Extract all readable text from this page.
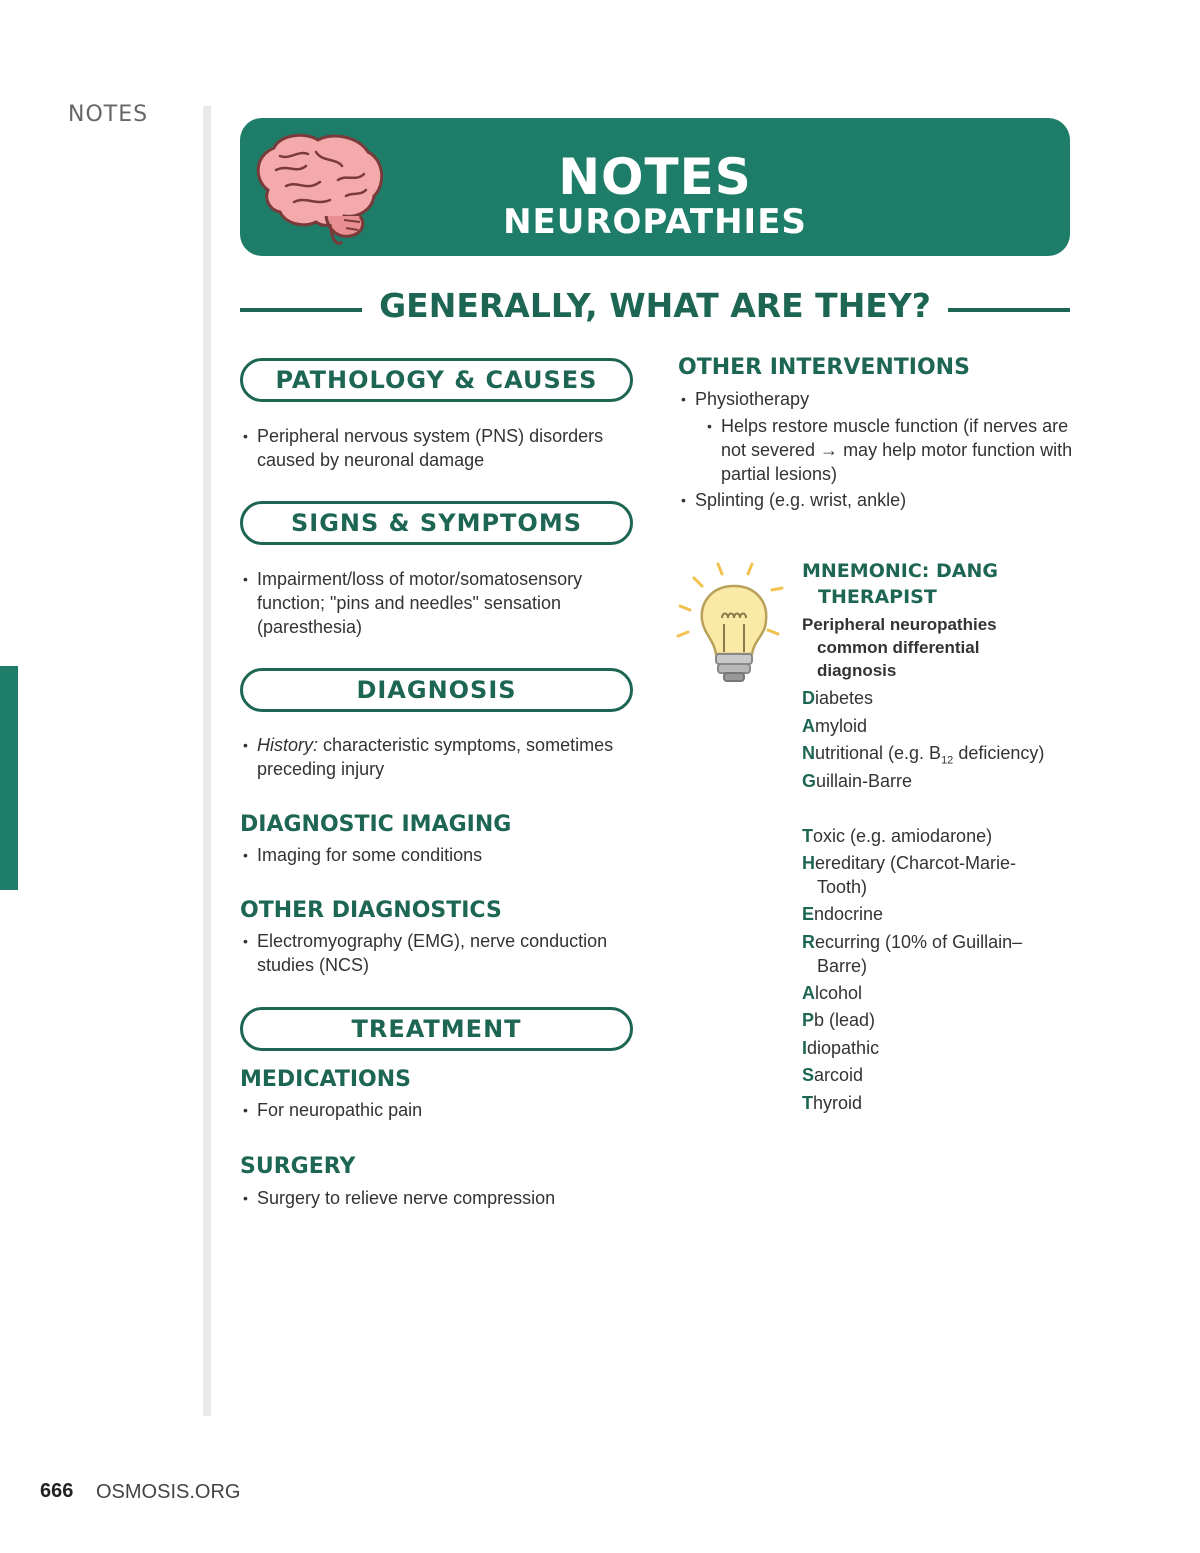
NOTES
NOTES
NEUROPATHIES
GENERALLY, WHAT ARE THEY?
PATHOLOGY & CAUSES
• Peripheral nervous system (PNS) disorders caused by neuronal damage
SIGNS & SYMPTOMS
• Impairment/loss of motor/somatosensory function; "pins and needles" sensation (paresthesia)
DIAGNOSIS
• History: characteristic symptoms, sometimes preceding injury
DIAGNOSTIC IMAGING
• Imaging for some conditions
OTHER DIAGNOSTICS
• Electromyography (EMG), nerve conduction studies (NCS)
TREATMENT
MEDICATIONS
• For neuropathic pain
SURGERY
• Surgery to relieve nerve compression
OTHER INTERVENTIONS
• Physiotherapy
• Helps restore muscle function (if nerves are not severed → may help motor function with partial lesions)
• Splinting (e.g. wrist, ankle)
MNEMONIC: DANG THERAPIST
Peripheral neuropathies common differential diagnosis
Diabetes
Amyloid
Nutritional (e.g. $B_{12}$ deficiency)
Guillain-Barre
Toxic (e.g. amiodarone)
Hereditary (Charcot-Marie-Tooth)
Endocrine
Recurring (10% of Guillain–Barre)
Alcohol
Pb (lead)
Idiopathic
Sarcoid
Thyroid
666 OSMOSIS.ORG
